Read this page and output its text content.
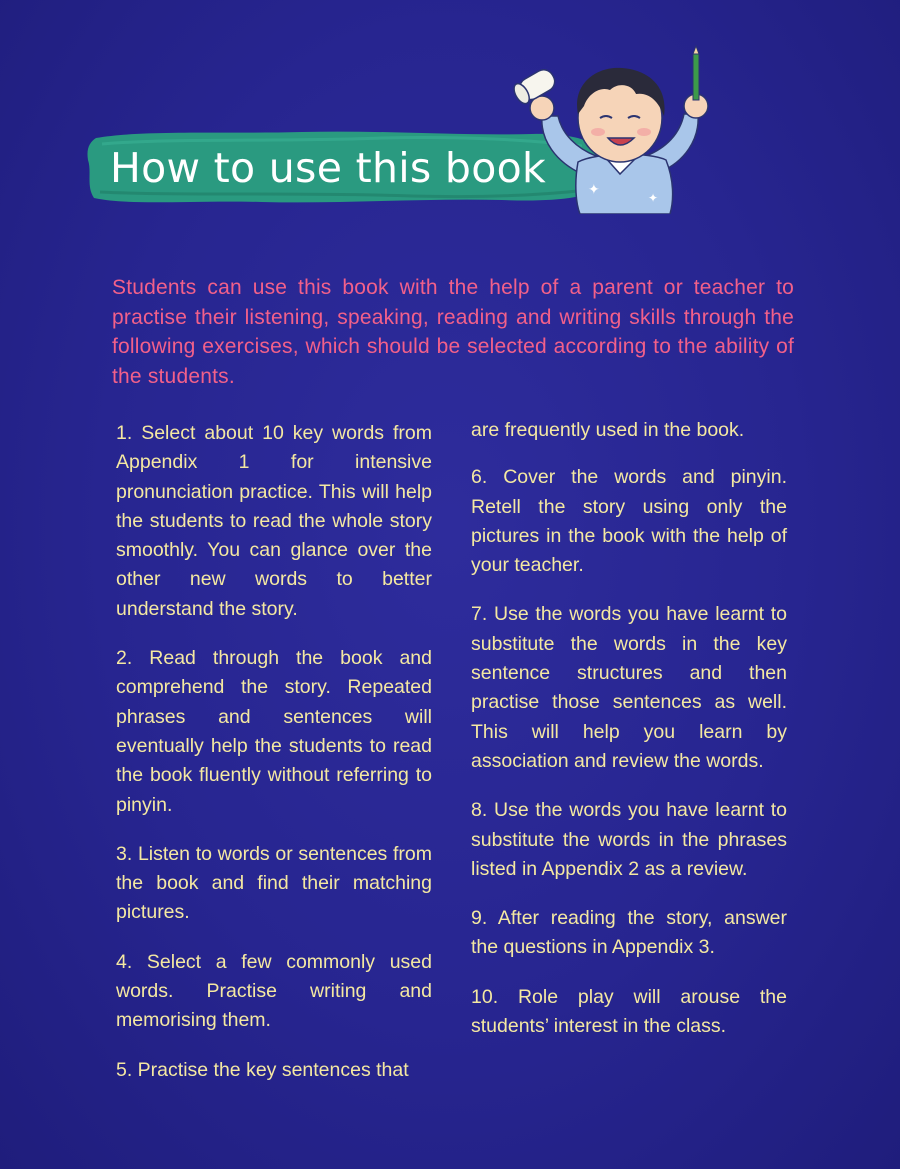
How to use this book	✦	✦

Students can use this book with the help of a parent or teacher to practise their listening, speaking, reading and writing skills through the following exercises, which should be selected according to the ability of the students.

1. Select about 10 key words from Appendix 1 for intensive pronunciation practice. This will help the students to read the whole story smoothly. You can glance over the other new words to better understand the story.

2. Read through the book and comprehend the story. Repeated phrases and sentences will eventually help the students to read the book fluently without referring to pinyin.

3. Listen to words or sentences from the book and find their matching pictures.

4. Select a few commonly used words. Practise writing and memorising them.

5. Practise the key sentences that

are frequently used in the book.

6. Cover the words and pinyin. Retell the story using only the pictures in the book with the help of your teacher.

7. Use the words you have learnt to substitute the words in the key sentence structures and then practise those sentences as well. This will help you learn by association and review the words.

8. Use the words you have learnt to substitute the words in the phrases listed in Appendix 2 as a review.

9. After reading the story, answer the questions in Appendix 3.

10. Role play will arouse the students’ interest in the class.
